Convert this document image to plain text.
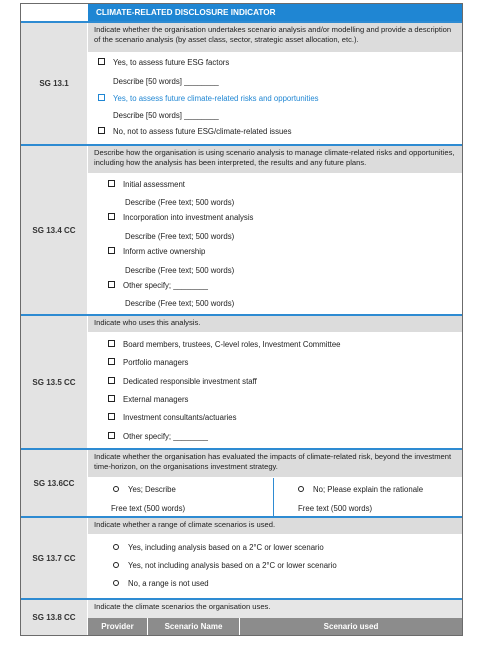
CLIMATE-RELATED DISCLOSURE INDICATOR
SG 13.1
Indicate whether the organisation undertakes scenario analysis and/or modelling and provide a description of the scenario analysis (by asset class, sector, strategic asset allocation, etc.).
Yes, to assess future ESG factors
Describe [50 words] ________
Yes, to assess future climate-related risks and opportunities
Describe [50 words] ________
No, not to assess future ESG/climate-related issues
SG 13.4 CC
Describe how the organisation is using scenario analysis to manage climate-related risks and opportunities, including how the analysis has been interpreted, the results and any future plans.
Initial assessment
Describe (Free text; 500 words)
Incorporation into investment analysis
Describe (Free text; 500 words)
Inform active ownership
Describe (Free text; 500 words)
Other specify; ________
Describe (Free text; 500 words)
SG 13.5 CC
Indicate who uses this analysis.
Board members, trustees, C-level roles, Investment Committee
Portfolio managers
Dedicated responsible investment staff
External managers
Investment consultants/actuaries
Other specify; ________
SG 13.6CC
Indicate whether the organisation has evaluated the impacts of climate-related risk, beyond the investment time-horizon, on the organisations investment strategy.
Yes; Describe
Free text (500 words)
No; Please explain the rationale
Free text (500 words)
SG 13.7 CC
Indicate whether a range of climate scenarios is used.
Yes, including analysis based on a 2°C or lower scenario
Yes, not including analysis based on a 2°C or lower scenario
No, a range is not used
SG 13.8 CC
Indicate the climate scenarios the organisation uses.
Provider	Scenario Name	Scenario used
